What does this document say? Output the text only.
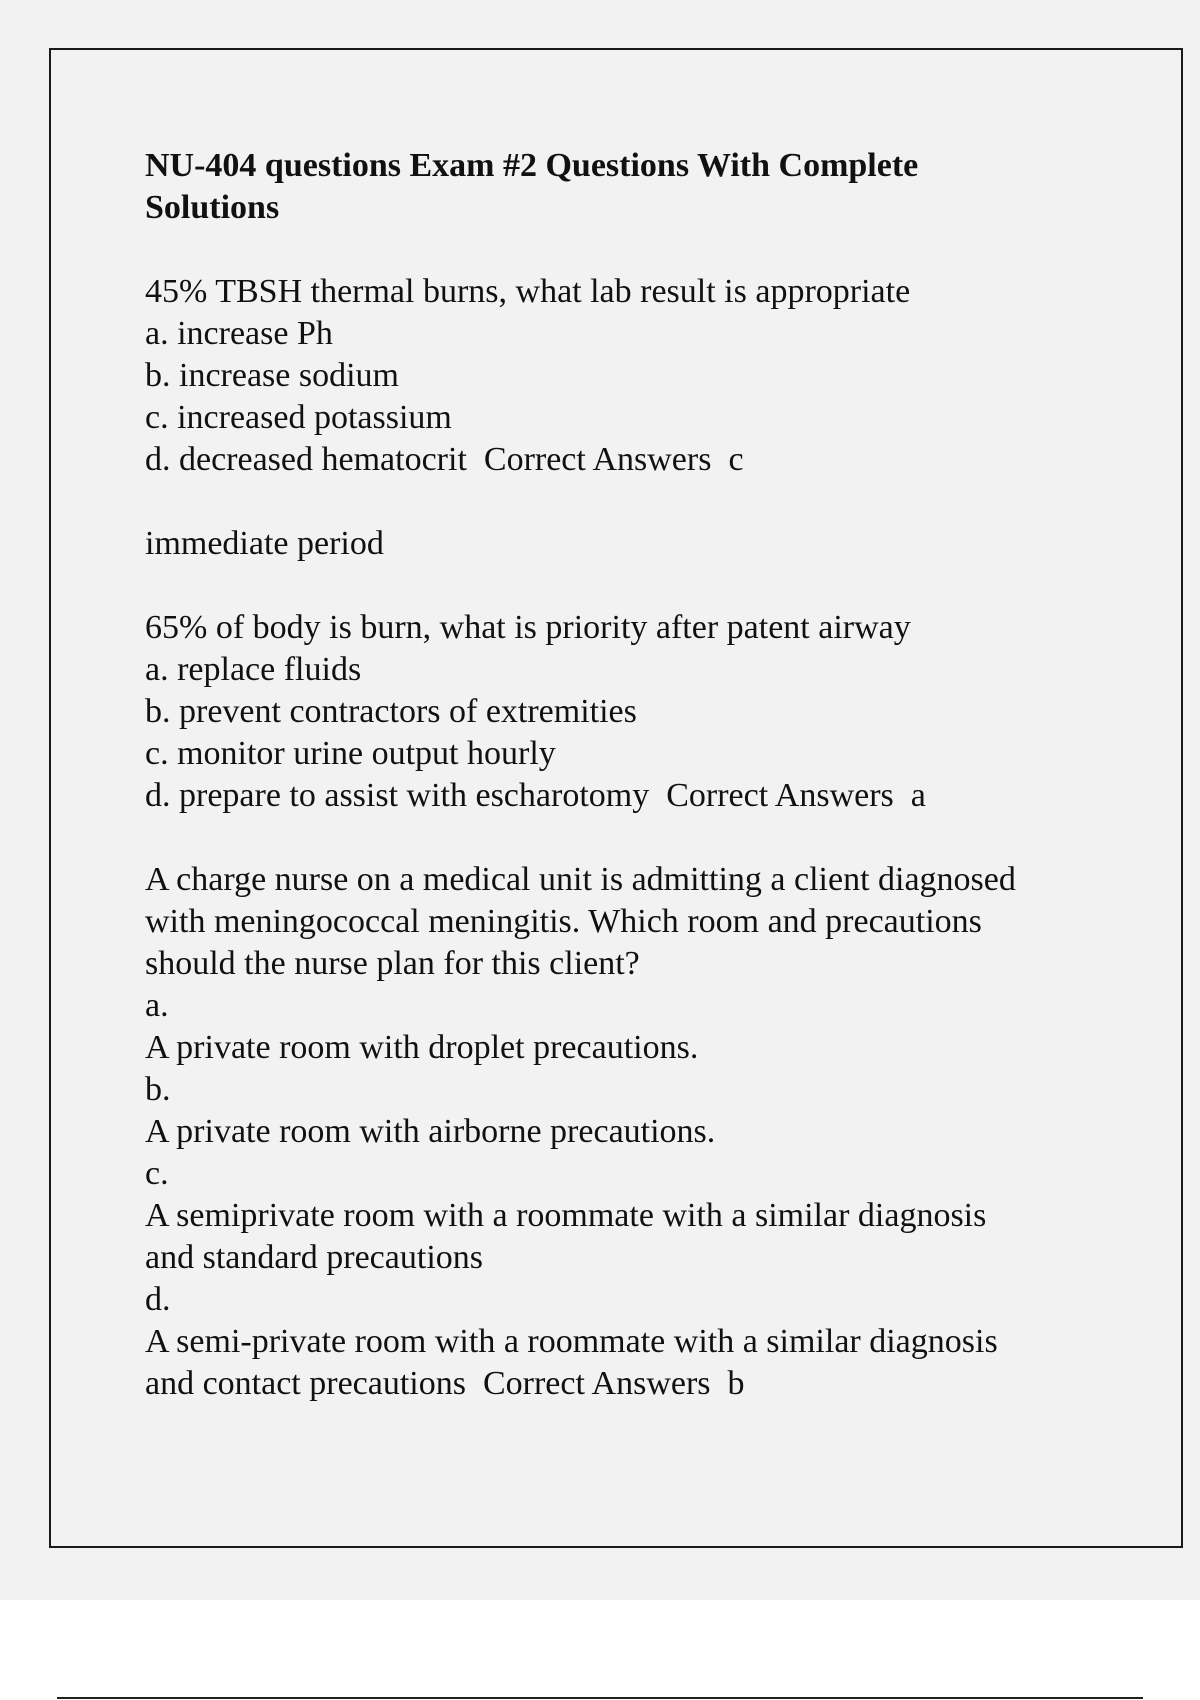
NU-404 questions Exam #2 Questions With Complete
Solutions
45% TBSH thermal burns, what lab result is appropriate
a. increase Ph
b. increase sodium
c. increased potassium
d. decreased hematocrit  Correct Answers  c
immediate period
65% of body is burn, what is priority after patent airway
a. replace fluids
b. prevent contractors of extremities
c. monitor urine output hourly
d. prepare to assist with escharotomy  Correct Answers  a
A charge nurse on a medical unit is admitting a client diagnosed
with meningococcal meningitis. Which room and precautions
should the nurse plan for this client?
a.
A private room with droplet precautions.
b.
A private room with airborne precautions.
c.
A semiprivate room with a roommate with a similar diagnosis
and standard precautions
d.
A semi-private room with a roommate with a similar diagnosis
and contact precautions  Correct Answers  b
